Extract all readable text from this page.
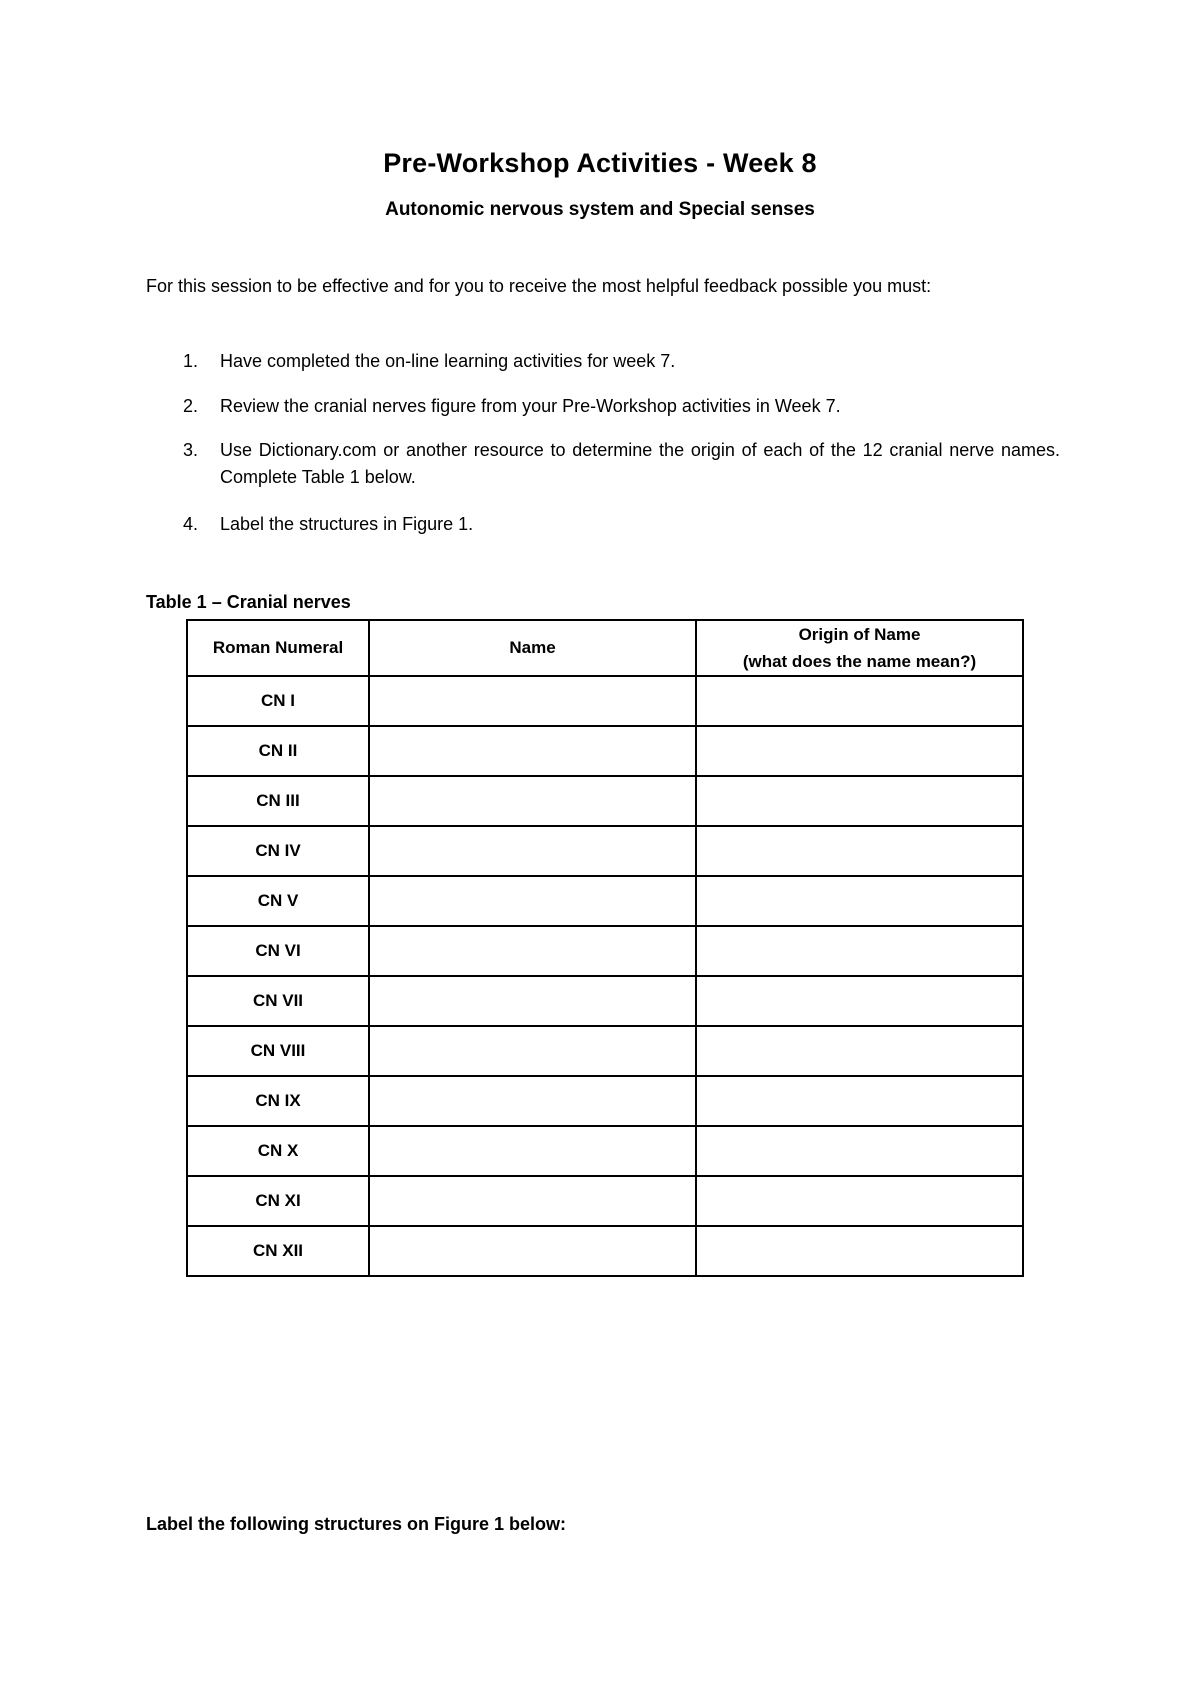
Pre-Workshop Activities - Week 8
Autonomic nervous system and Special senses
For this session to be effective and for you to receive the most helpful feedback possible you must:
1.	Have completed the on-line learning activities for week 7.
2.	Review the cranial nerves figure from your Pre-Workshop activities in Week 7.
3.	Use Dictionary.com or another resource to determine the origin of each of the 12 cranial nerve names. Complete Table 1 below.
4.	Label the structures in Figure 1.
Table 1 – Cranial nerves
Roman Numeral	Name	Origin of Name
(what does the name mean?)

CN I		
CN II		
CN III		
CN IV		
CN V		
CN VI		
CN VII		
CN VIII		
CN IX		
CN X		
CN XI		
CN XII		
Label the following structures on Figure 1 below:
